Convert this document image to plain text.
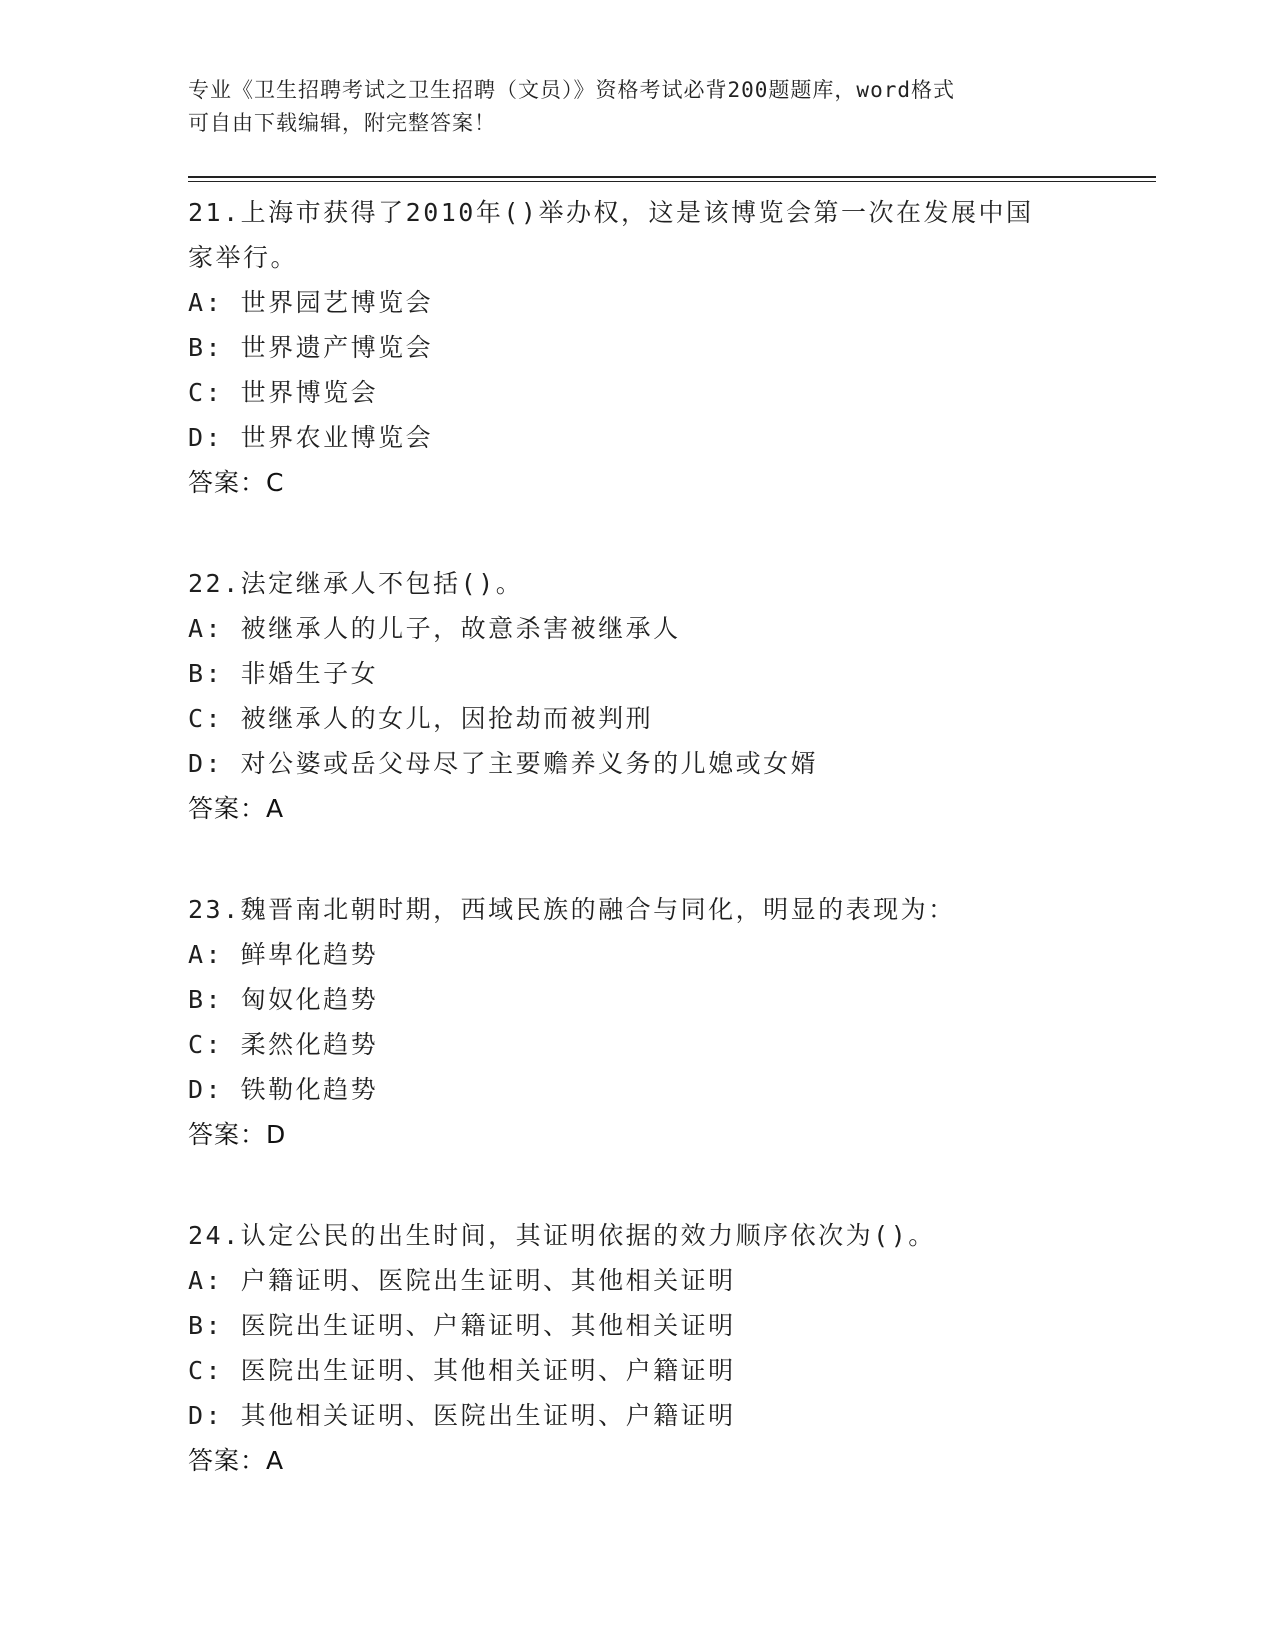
专业《卫生招聘考试之卫生招聘（文员）》资格考试必背200题题库，word格式
可自由下载编辑，附完整答案！
21.上海市获得了2010年()举办权，这是该博览会第一次在发展中国
家举行。
A: 世界园艺博览会
B: 世界遗产博览会
C: 世界博览会
D: 世界农业博览会
答案：C
22.法定继承人不包括()。
A: 被继承人的儿子，故意杀害被继承人
B: 非婚生子女
C: 被继承人的女儿，因抢劫而被判刑
D: 对公婆或岳父母尽了主要赡养义务的儿媳或女婿
答案：A
23.魏晋南北朝时期，西域民族的融合与同化，明显的表现为：
A: 鲜卑化趋势
B: 匈奴化趋势
C: 柔然化趋势
D: 铁勒化趋势
答案：D
24.认定公民的出生时间，其证明依据的效力顺序依次为()。
A: 户籍证明、医院出生证明、其他相关证明
B: 医院出生证明、户籍证明、其他相关证明
C: 医院出生证明、其他相关证明、户籍证明
D: 其他相关证明、医院出生证明、户籍证明
答案：A
